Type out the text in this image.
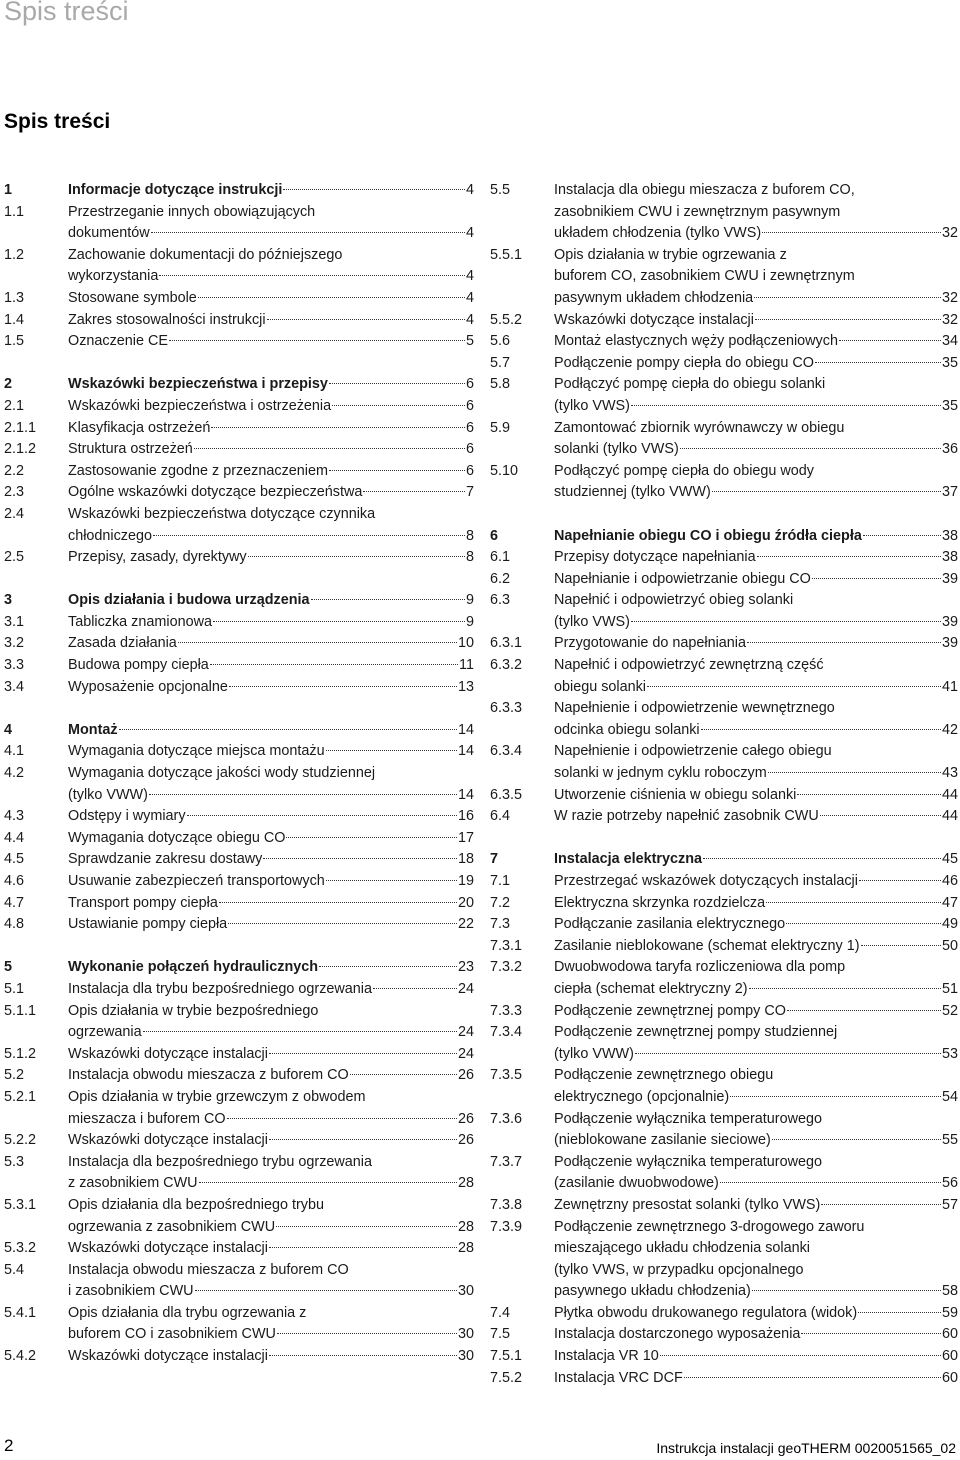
Spis treści
Spis treści
1	Informacje dotyczące instrukcji	4
1.1	Przestrzeganie innych obowiązujących
dokumentów	4
1.2	Zachowanie dokumentacji do późniejszego
wykorzystania	4
1.3	Stosowane symbole	4
1.4	Zakres stosowalności instrukcji	4
1.5	Oznaczenie CE	5
2	Wskazówki bezpieczeństwa i przepisy	6
2.1	Wskazówki bezpieczeństwa i ostrzeżenia	6
2.1.1	Klasyfikacja ostrzeżeń	6
2.1.2	Struktura ostrzeżeń	6
2.2	Zastosowanie zgodne z przeznaczeniem	6
2.3	Ogólne wskazówki dotyczące bezpieczeństwa	7
2.4	Wskazówki bezpieczeństwa dotyczące czynnika
chłodniczego	8
2.5	Przepisy, zasady, dyrektywy	8
3	Opis działania i budowa urządzenia	9
3.1	Tabliczka znamionowa	9
3.2	Zasada działania	10
3.3	Budowa pompy ciepła	11
3.4	Wyposażenie opcjonalne	13
4	Montaż	14
4.1	Wymagania dotyczące miejsca montażu	14
4.2	Wymagania dotyczące jakości wody studziennej
(tylko VWW)	14
4.3	Odstępy i wymiary	16
4.4	Wymagania dotyczące obiegu CO	17
4.5	Sprawdzanie zakresu dostawy	18
4.6	Usuwanie zabezpieczeń transportowych	19
4.7	Transport pompy ciepła	20
4.8	Ustawianie pompy ciepła	22
5	Wykonanie połączeń hydraulicznych	23
5.1	Instalacja dla trybu bezpośredniego ogrzewania	24
5.1.1	Opis działania w trybie bezpośredniego
ogrzewania	24
5.1.2	Wskazówki dotyczące instalacji	24
5.2	Instalacja obwodu mieszacza z buforem CO	26
5.2.1	Opis działania w trybie grzewczym z obwodem
mieszacza i buforem CO	26
5.2.2	Wskazówki dotyczące instalacji	26
5.3	Instalacja dla bezpośredniego trybu ogrzewania
z zasobnikiem CWU	28
5.3.1	Opis działania dla bezpośredniego trybu
ogrzewania z zasobnikiem CWU	28
5.3.2	Wskazówki dotyczące instalacji	28
5.4	Instalacja obwodu mieszacza z buforem CO
i zasobnikiem CWU	30
5.4.1	Opis działania dla trybu ogrzewania z
buforem CO i zasobnikiem CWU	30
5.4.2	Wskazówki dotyczące instalacji	30
5.5	Instalacja dla obiegu mieszacza z buforem CO,
zasobnikiem CWU i zewnętrznym pasywnym
układem chłodzenia (tylko VWS)	32
5.5.1	Opis działania w trybie ogrzewania z
buforem CO, zasobnikiem CWU i zewnętrznym
pasywnym układem chłodzenia	32
5.5.2	Wskazówki dotyczące instalacji	32
5.6	Montaż elastycznych węży podłączeniowych	34
5.7	Podłączenie pompy ciepła do obiegu CO	35
5.8	Podłączyć pompę ciepła do obiegu solanki
(tylko VWS)	35
5.9	Zamontować zbiornik wyrównawczy w obiegu
solanki (tylko VWS)	36
5.10	Podłączyć pompę ciepła do obiegu wody
studziennej (tylko VWW)	37
6	Napełnianie obiegu CO i obiegu źródła ciepła	38
6.1	Przepisy dotyczące napełniania	38
6.2	Napełnianie i odpowietrzanie obiegu CO	39
6.3	Napełnić i odpowietrzyć obieg solanki
(tylko VWS)	39
6.3.1	Przygotowanie do napełniania	39
6.3.2	Napełnić i odpowietrzyć zewnętrzną część
obiegu solanki	41
6.3.3	Napełnienie i odpowietrzenie wewnętrznego
odcinka obiegu solanki	42
6.3.4	Napełnienie i odpowietrzenie całego obiegu
solanki w jednym cyklu roboczym	43
6.3.5	Utworzenie ciśnienia w obiegu solanki	44
6.4	W razie potrzeby napełnić zasobnik CWU	44
7	Instalacja elektryczna	45
7.1	Przestrzegać wskazówek dotyczących instalacji	46
7.2	Elektryczna skrzynka rozdzielcza	47
7.3	Podłączanie zasilania elektrycznego	49
7.3.1	Zasilanie nieblokowane (schemat elektryczny 1)	50
7.3.2	Dwuobwodowa taryfa rozliczeniowa dla pomp
ciepła (schemat elektryczny 2)	51
7.3.3	Podłączenie zewnętrznej pompy CO	52
7.3.4	Podłączenie zewnętrznej pompy studziennej
(tylko VWW)	53
7.3.5	Podłączenie zewnętrznego obiegu
elektrycznego (opcjonalnie)	54
7.3.6	Podłączenie wyłącznika temperaturowego
(nieblokowane zasilanie sieciowe)	55
7.3.7	Podłączenie wyłącznika temperaturowego
(zasilanie dwuobwodowe)	56
7.3.8	Zewnętrzny presostat solanki (tylko VWS)	57
7.3.9	Podłączenie zewnętrznego 3-drogowego zaworu
mieszającego układu chłodzenia solanki
(tylko VWS, w przypadku opcjonalnego
pasywnego układu chłodzenia)	58
7.4	Płytka obwodu drukowanego regulatora (widok)	59
7.5	Instalacja dostarczonego wyposażenia	60
7.5.1	Instalacja VR 10	60
7.5.2	Instalacja VRC DCF	60
2	Instrukcja instalacji geoTHERM 0020051565_02
